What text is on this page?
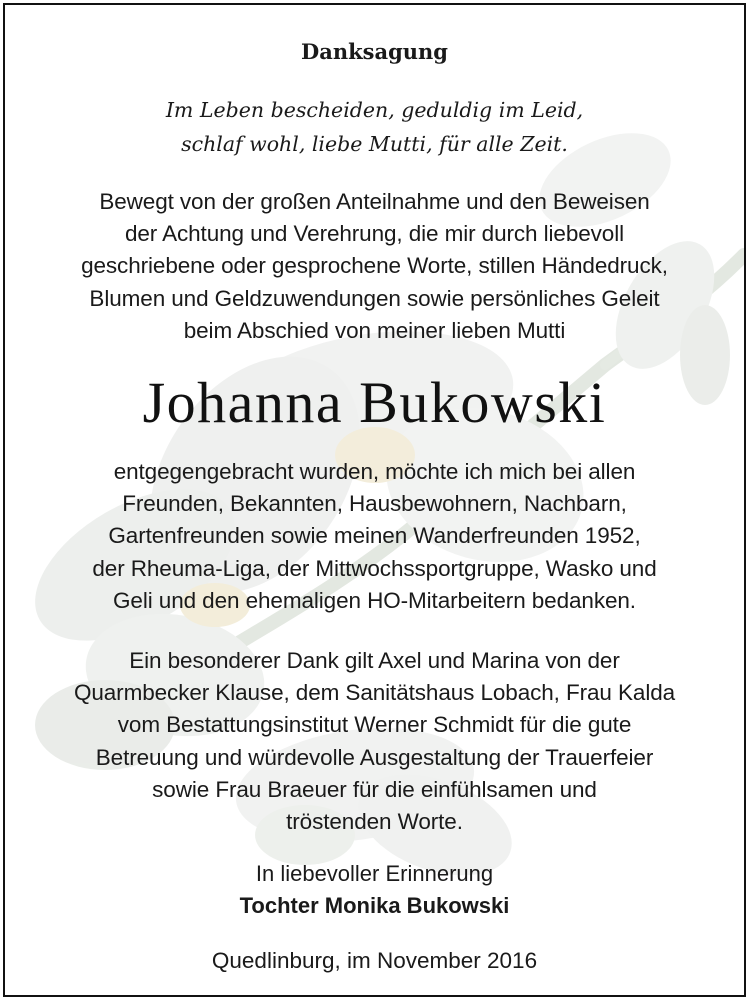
Danksagung
Im Leben bescheiden, geduldig im Leid,
schlaf wohl, liebe Mutti, für alle Zeit.
Bewegt von der großen Anteilnahme und den Beweisen
der Achtung und Verehrung, die mir durch liebevoll
geschriebene oder gesprochene Worte, stillen Händedruck,
Blumen und Geldzuwendungen sowie persönliches Geleit
beim Abschied von meiner lieben Mutti
Johanna Bukowski
entgegengebracht wurden, möchte ich mich bei allen
Freunden, Bekannten, Hausbewohnern, Nachbarn,
Gartenfreunden sowie meinen Wanderfreunden 1952,
der Rheuma-Liga, der Mittwochssportgruppe, Wasko und
Geli und den ehemaligen HO-Mitarbeitern bedanken.
Ein besonderer Dank gilt Axel und Marina von der
Quarmbecker Klause, dem Sanitätshaus Lobach, Frau Kalda
vom Bestattungsinstitut Werner Schmidt für die gute
Betreuung und würdevolle Ausgestaltung der Trauerfeier
sowie Frau Braeuer für die einfühlsamen und
tröstenden Worte.
In liebevoller Erinnerung
Tochter Monika Bukowski
Quedlinburg, im November 2016
